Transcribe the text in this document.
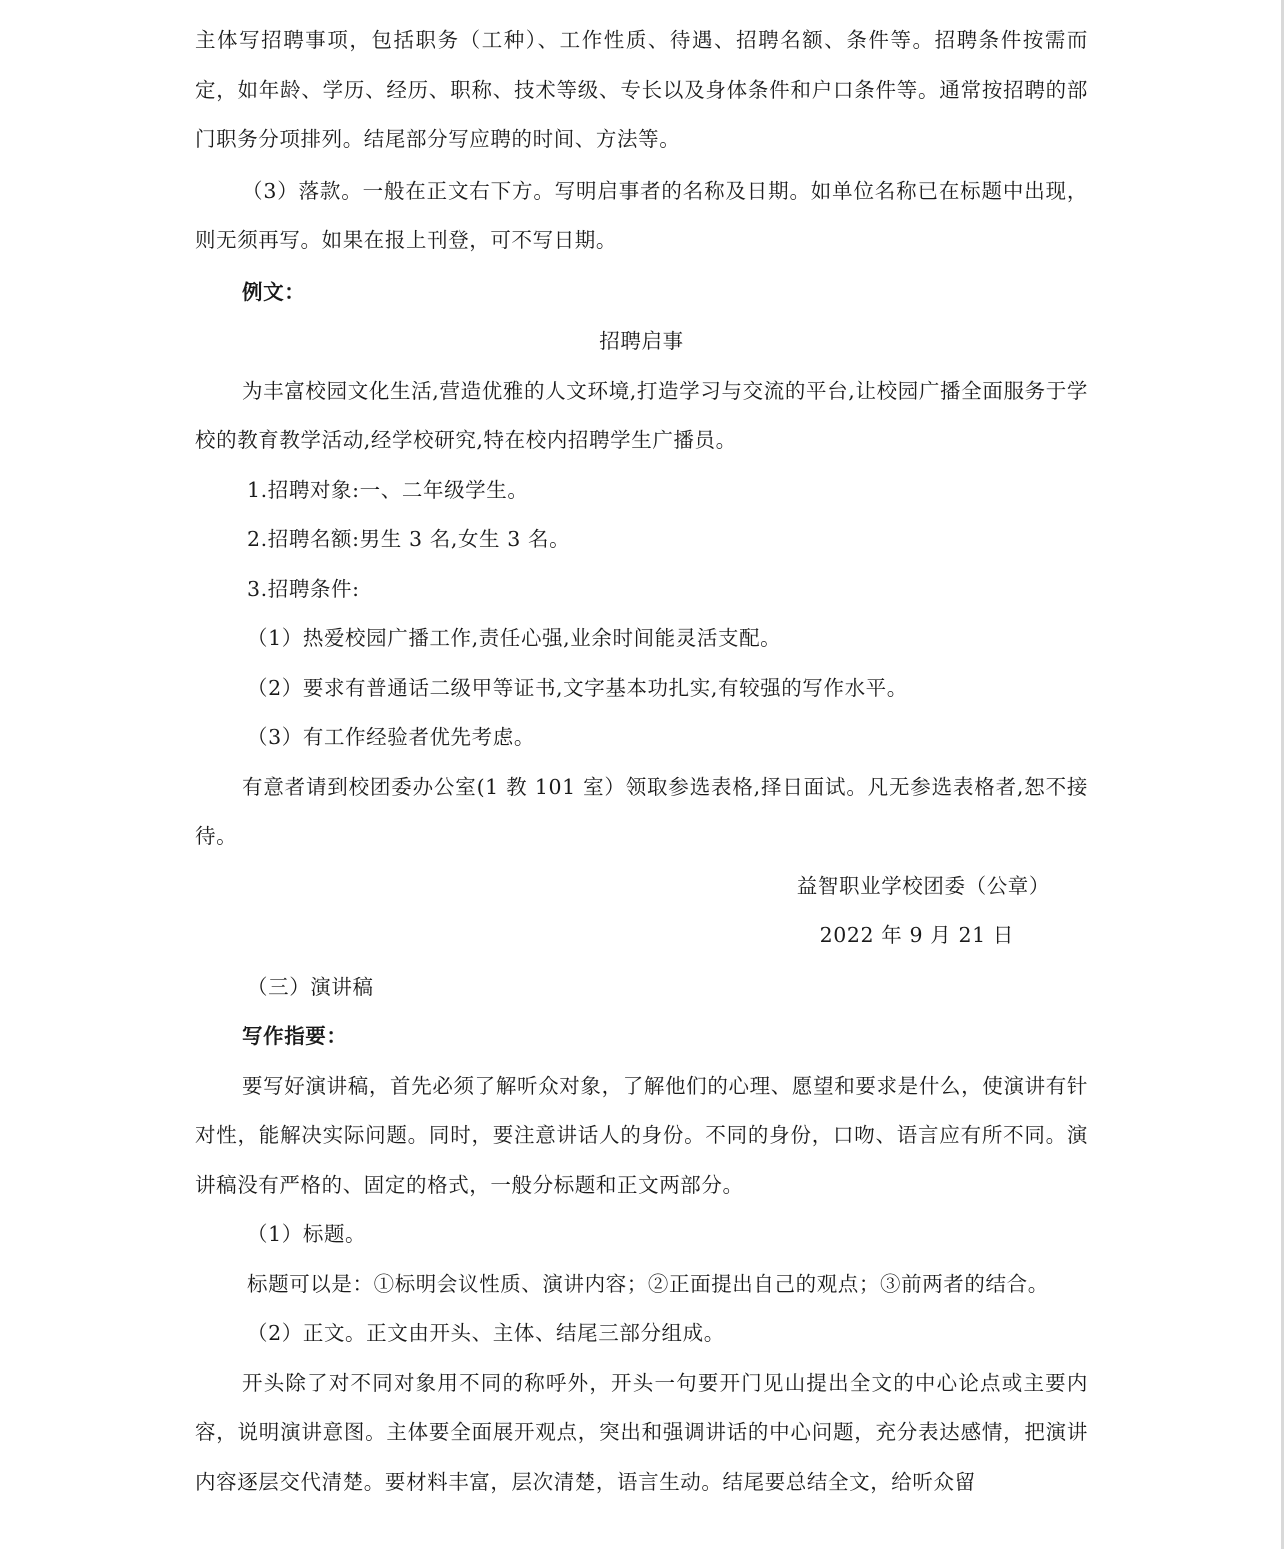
主体写招聘事项，包括职务（工种）、工作性质、待遇、招聘名额、条件等。招聘条件按需而定，如年龄、学历、经历、职称、技术等级、专长以及身体条件和户口条件等。通常按招聘的部门职务分项排列。结尾部分写应聘的时间、方法等。

（3）落款。一般在正文右下方。写明启事者的名称及日期。如单位名称已在标题中出现，则无须再写。如果在报上刊登，可不写日期。

例文：

招聘启事

为丰富校园文化生活,营造优雅的人文环境,打造学习与交流的平台,让校园广播全面服务于学校的教育教学活动,经学校研究,特在校内招聘学生广播员。

1.招聘对象:一、二年级学生。

2.招聘名额:男生 3 名,女生 3 名。

3.招聘条件:

（1）热爱校园广播工作,责任心强,业余时间能灵活支配。

（2）要求有普通话二级甲等证书,文字基本功扎实,有较强的写作水平。

（3）有工作经验者优先考虑。

有意者请到校团委办公室(1 教 101 室）领取参选表格,择日面试。凡无参选表格者,恕不接待。

益智职业学校团委（公章）

2022 年 9 月 21 日

（三）演讲稿

写作指要：

要写好演讲稿，首先必须了解听众对象，了解他们的心理、愿望和要求是什么，使演讲有针对性，能解决实际问题。同时，要注意讲话人的身份。不同的身份，口吻、语言应有所不同。演讲稿没有严格的、固定的格式，一般分标题和正文两部分。

（1）标题。

标题可以是：①标明会议性质、演讲内容；②正面提出自己的观点；③前两者的结合。

（2）正文。正文由开头、主体、结尾三部分组成。

开头除了对不同对象用不同的称呼外，开头一句要开门见山提出全文的中心论点或主要内容，说明演讲意图。主体要全面展开观点，突出和强调讲话的中心问题，充分表达感情，把演讲内容逐层交代清楚。要材料丰富，层次清楚，语言生动。结尾要总结全文，给听众留
